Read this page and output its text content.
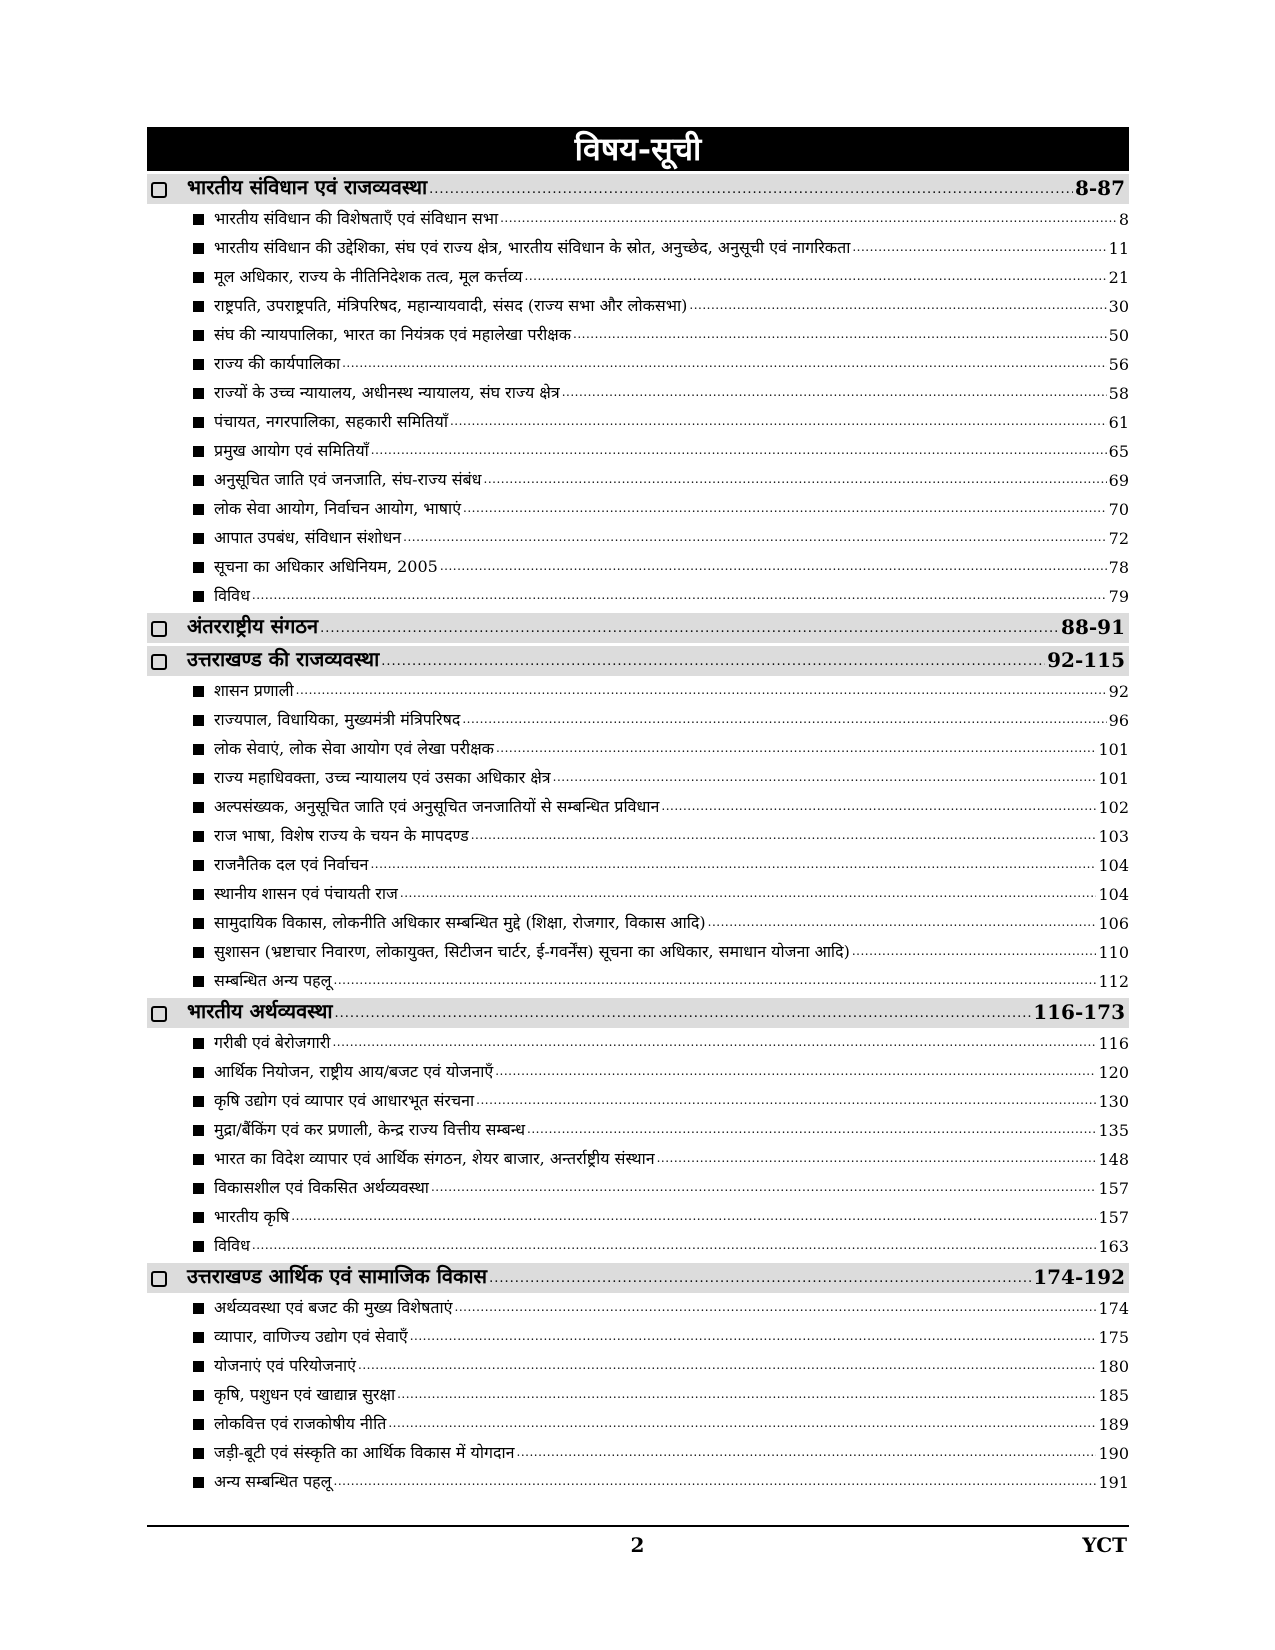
विषय-सूची
भारतीय संविधान एवं राजव्यवस्था .....	8-87
भारतीय संविधान की विशेषताएँ एवं संविधान सभा .....	8
भारतीय संविधान की उद्देशिका, संघ एवं राज्य क्षेत्र, भारतीय संविधान के स्रोत, अनुच्छेद, अनुसूची एवं नागरिकता .....	11
मूल अधिकार, राज्य के नीतिनिदेशक तत्व, मूल कर्त्तव्य .....	21
राष्ट्रपति, उपराष्ट्रपति, मंत्रिपरिषद, महान्यायवादी, संसद (राज्य सभा और लोकसभा) .....	30
संघ की न्यायपालिका, भारत का नियंत्रक एवं महालेखा परीक्षक .....	50
राज्य की कार्यपालिका .....	56
राज्यों के उच्च न्यायालय, अधीनस्थ न्यायालय, संघ राज्य क्षेत्र .....	58
पंचायत, नगरपालिका, सहकारी समितियाँ .....	61
प्रमुख आयोग एवं समितियाँ .....	65
अनुसूचित जाति एवं जनजाति, संघ-राज्य संबंध .....	69
लोक सेवा आयोग, निर्वाचन आयोग, भाषाएं .....	70
आपात उपबंध, संविधान संशोधन .....	72
सूचना का अधिकार अधिनियम, 2005 .....	78
विविध .....	79
अंतरराष्ट्रीय संगठन .....	88-91
उत्तराखण्ड की राजव्यवस्था .....	92-115
शासन प्रणाली .....	92
राज्यपाल, विधायिका, मुख्यमंत्री मंत्रिपरिषद .....	96
लोक सेवाएं, लोक सेवा आयोग एवं लेखा परीक्षक .....	101
राज्य महाधिवक्ता, उच्च न्यायालय एवं उसका अधिकार क्षेत्र .....	101
अल्पसंख्यक, अनुसूचित जाति एवं अनुसूचित जनजातियों से सम्बन्धित प्रविधान .....	102
राज भाषा, विशेष राज्य के चयन के मापदण्ड .....	103
राजनैतिक दल एवं निर्वाचन .....	104
स्थानीय शासन एवं पंचायती राज .....	104
सामुदायिक विकास, लोकनीति अधिकार सम्बन्धित मुद्दे (शिक्षा, रोजगार, विकास आदि) .....	106
सुशासन (भ्रष्टाचार निवारण, लोकायुक्त, सिटीजन चार्टर, ई-गवर्नेंस) सूचना का अधिकार, समाधान योजना आदि) .....	110
सम्बन्धित अन्य पहलू .....	112
भारतीय अर्थव्यवस्था .....	116-173
गरीबी एवं बेरोजगारी .....	116
आर्थिक नियोजन, राष्ट्रीय आय/बजट एवं योजनाएँ .....	120
कृषि उद्योग एवं व्यापार एवं आधारभूत संरचना .....	130
मुद्रा/बैंकिंग एवं कर प्रणाली, केन्द्र राज्य वित्तीय सम्बन्ध .....	135
भारत का विदेश व्यापार एवं आर्थिक संगठन, शेयर बाजार, अन्तर्राष्ट्रीय संस्थान .....	148
विकासशील एवं विकसित अर्थव्यवस्था .....	157
भारतीय कृषि .....	157
विविध .....	163
उत्तराखण्ड आर्थिक एवं सामाजिक विकास .....	174-192
अर्थव्यवस्था एवं बजट की मुख्य विशेषताएं .....	174
व्यापार, वाणिज्य उद्योग एवं सेवाएँ .....	175
योजनाएं एवं परियोजनाएं .....	180
कृषि, पशुधन एवं खाद्यान्न सुरक्षा .....	185
लोकवित्त एवं राजकोषीय नीति .....	189
जड़ी-बूटी एवं संस्कृति का आर्थिक विकास में योगदान .....	190
अन्य सम्बन्धित पहलू .....	191
2	YCT
